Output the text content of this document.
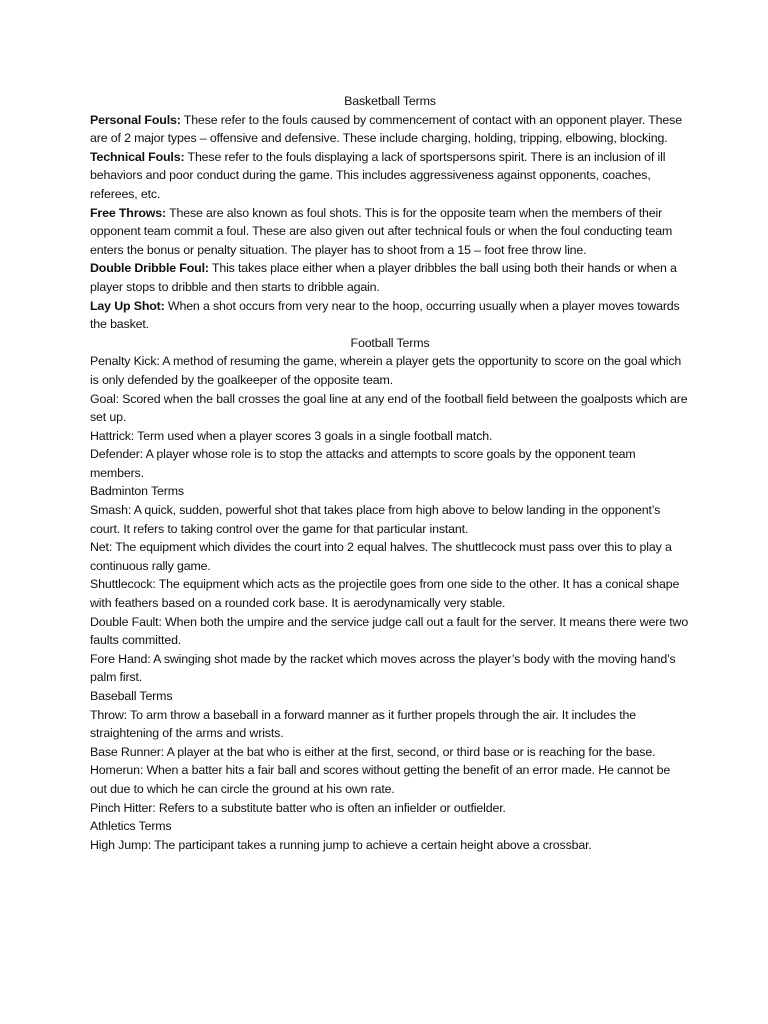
Basketball Terms

Personal Fouls: These refer to the fouls caused by commencement of contact with an opponent player. These are of 2 major types – offensive and defensive. These include charging, holding, tripping, elbowing, blocking.

Technical Fouls: These refer to the fouls displaying a lack of sportspersons spirit. There is an inclusion of ill behaviors and poor conduct during the game. This includes aggressiveness against opponents, coaches, referees, etc.

Free Throws: These are also known as foul shots. This is for the opposite team when the members of their opponent team commit a foul. These are also given out after technical fouls or when the foul conducting team enters the bonus or penalty situation. The player has to shoot from a 15 – foot free throw line.

Double Dribble Foul: This takes place either when a player dribbles the ball using both their hands or when a player stops to dribble and then starts to dribble again.

Lay Up Shot: When a shot occurs from very near to the hoop, occurring usually when a player moves towards the basket.

Football Terms

Penalty Kick: A method of resuming the game, wherein a player gets the opportunity to score on the goal which is only defended by the goalkeeper of the opposite team.

Goal: Scored when the ball crosses the goal line at any end of the football field between the goalposts which are set up.

Hattrick: Term used when a player scores 3 goals in a single football match.

Defender: A player whose role is to stop the attacks and attempts to score goals by the opponent team members.

Badminton Terms

Smash: A quick, sudden, powerful shot that takes place from high above to below landing in the opponent’s court. It refers to taking control over the game for that particular instant.

Net: The equipment which divides the court into 2 equal halves. The shuttlecock must pass over this to play a continuous rally game.

Shuttlecock: The equipment which acts as the projectile goes from one side to the other. It has a conical shape with feathers based on a rounded cork base. It is aerodynamically very stable.

Double Fault: When both the umpire and the service judge call out a fault for the server. It means there were two faults committed.

Fore Hand: A swinging shot made by the racket which moves across the player’s body with the moving hand’s palm first.

Baseball Terms

Throw: To arm throw a baseball in a forward manner as it further propels through the air. It includes the straightening of the arms and wrists.

Base Runner: A player at the bat who is either at the first, second, or third base or is reaching for the base.

Homerun: When a batter hits a fair ball and scores without getting the benefit of an error made. He cannot be out due to which he can circle the ground at his own rate.

Pinch Hitter: Refers to a substitute batter who is often an infielder or outfielder.

Athletics Terms

High Jump: The participant takes a running jump to achieve a certain height above a crossbar.
